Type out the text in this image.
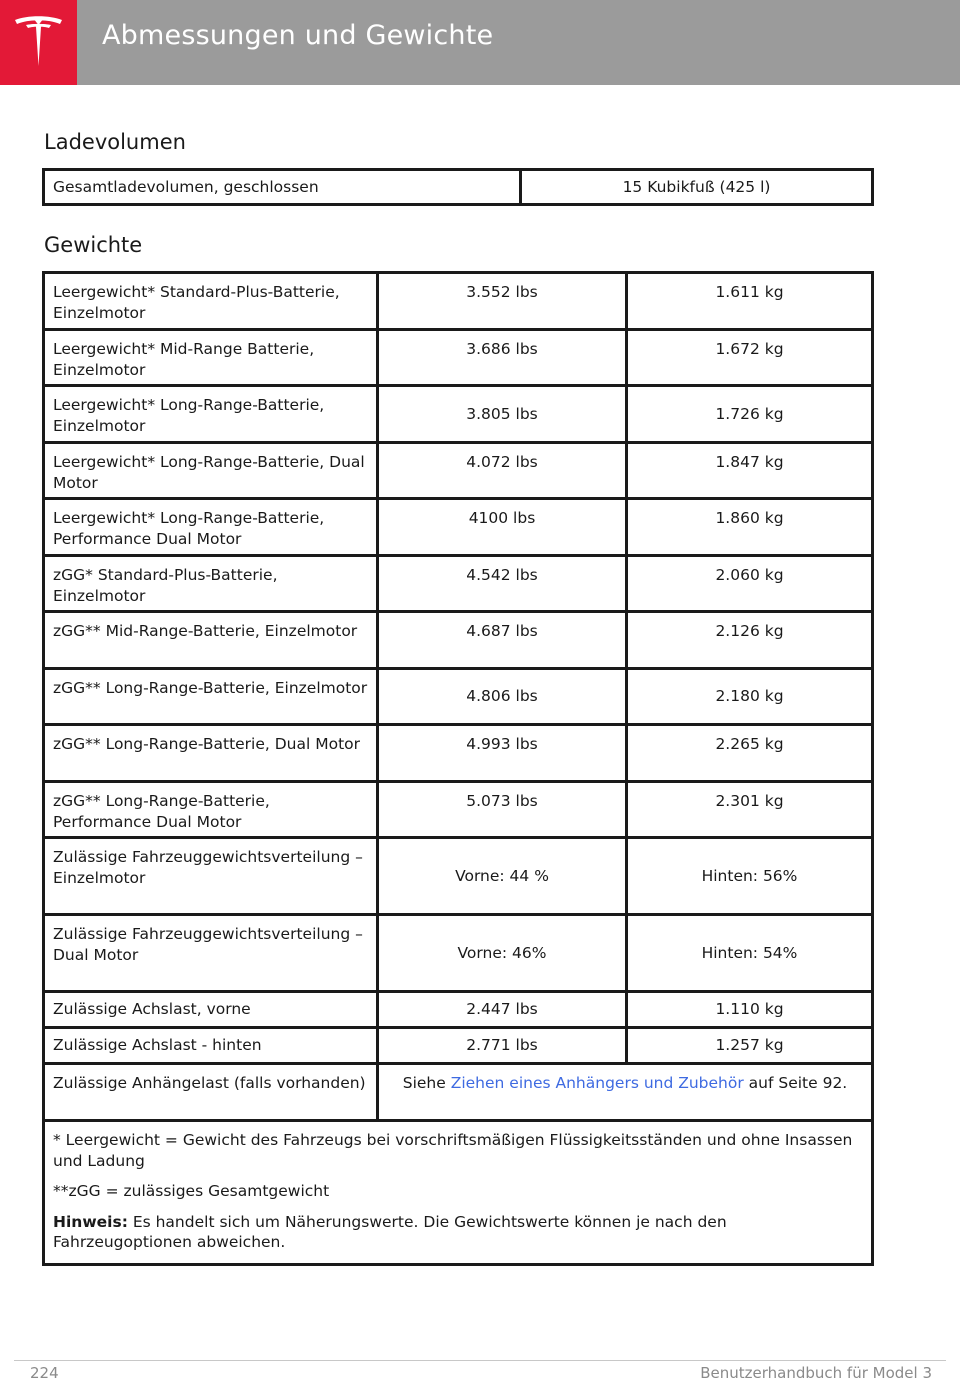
Abmessungen und Gewichte
Ladevolumen
Gesamtladevolumen, geschlossen	15 Kubikfuß (425 l)
Gewichte
Leergewicht* Standard-Plus-Batterie, Einzelmotor	3.552 lbs	1.611 kg
Leergewicht* Mid-Range Batterie, Einzelmotor	3.686 lbs	1.672 kg
Leergewicht* Long-Range-Batterie, Einzelmotor	3.805 lbs	1.726 kg
Leergewicht* Long-Range-Batterie, Dual Motor	4.072 lbs	1.847 kg
Leergewicht* Long-Range-Batterie, Performance Dual Motor	4100 lbs	1.860 kg
zGG* Standard-Plus-Batterie, Einzelmotor	4.542 lbs	2.060 kg
zGG** Mid-Range-Batterie, Einzelmotor	4.687 lbs	2.126 kg
zGG** Long-Range-Batterie, Einzelmotor	4.806 lbs	2.180 kg
zGG** Long-Range-Batterie, Dual Motor	4.993 lbs	2.265 kg
zGG** Long-Range-Batterie, Performance Dual Motor	5.073 lbs	2.301 kg
Zulässige Fahrzeuggewichtsverteilung – Einzelmotor	Vorne: 44 %	Hinten: 56%
Zulässige Fahrzeuggewichtsverteilung – Dual Motor	Vorne: 46%	Hinten: 54%
Zulässige Achslast, vorne	2.447 lbs	1.110 kg
Zulässige Achslast - hinten	2.771 lbs	1.257 kg
Zulässige Anhängelast (falls vorhanden)	Siehe Ziehen eines Anhängers und Zubehör auf Seite 92.	

* Leergewicht = Gewicht des Fahrzeugs bei vorschriftsmäßigen Flüssigkeitsständen und ohne Insassen und Ladung

**zGG = zulässiges Gesamtgewicht

Hinweis: Es handelt sich um Näherungswerte. Die Gewichtswerte können je nach den Fahrzeugoptionen abweichen.		

224	Benutzerhandbuch für Model 3
